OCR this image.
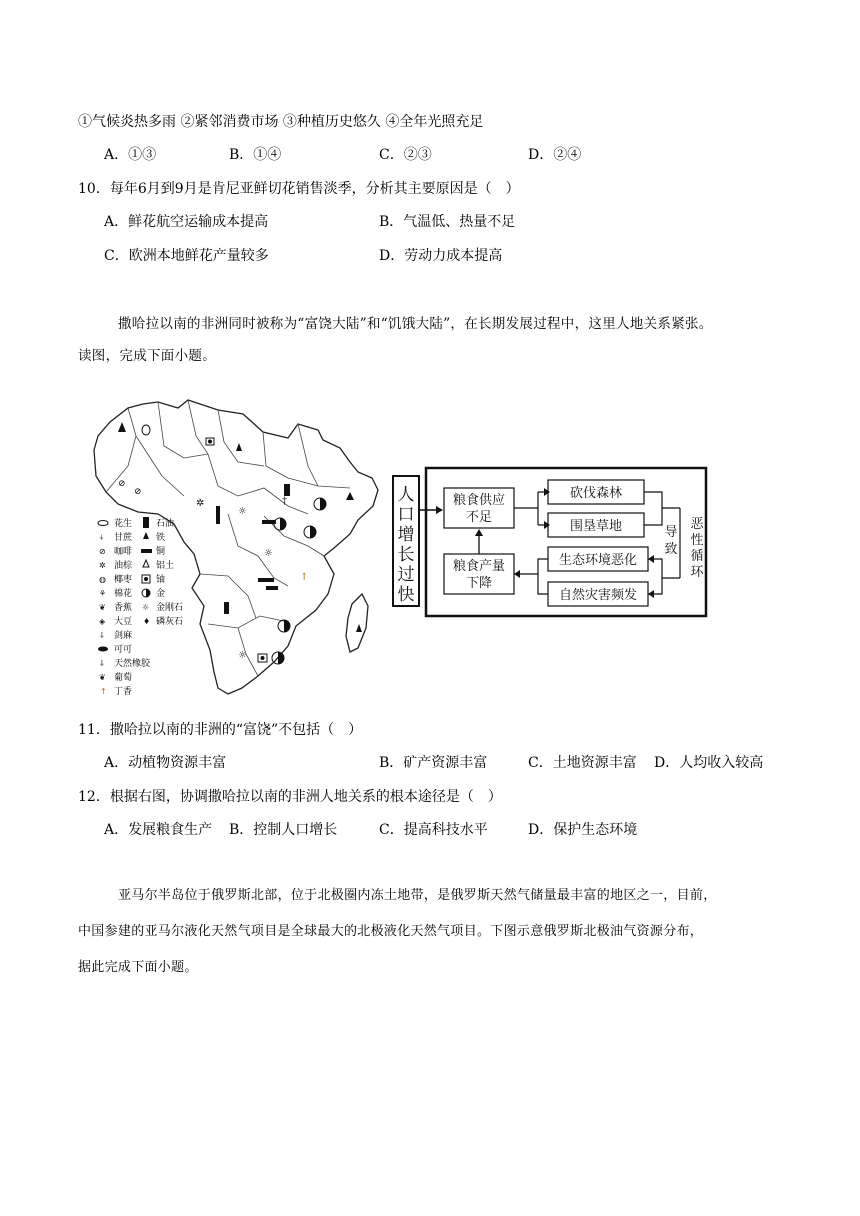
①气候炎热多雨 ②紧邻消费市场 ③种植历史悠久 ④全年光照充足
A．①③	B．①④	C．②③	D．②④
10．每年6月到9月是肯尼亚鲜切花销售淡季，分析其主要原因是（　）
A．鲜花航空运输成本提高	B．气温低、热量不足
C．欧洲本地鲜花产量较多	D．劳动力成本提高
撒哈拉以南的非洲同时被称为“富饶大陆”和“饥饿大陆”，在长期发展过程中，这里人地关系紧张。
读图，完成下面小题。
✲
☼
☼
☼
⊘
⊘
↑
†
花生
甘蔗
咖啡
油棕
椰枣
棉花
香蕉
大豆
剑麻
可可
天然橡胶
葡萄
丁香
石油
铁
铜
铝土
铀
金
金刚石
磷灰石
⍭
⊘
✲
◍
⚘
❦
◈
⸸
⸸
❦
↑
☼
♦
人
口
增
长
过
快
粮食供应
不足
粮食产量
下降
砍伐森林
围垦草地
生态环境恶化
自然灾害频发
导
致
恶
性
循
环
11．撒哈拉以南的非洲的“富饶”不包括（　）
A．动植物资源丰富	B．矿产资源丰富	C．土地资源丰富 D．人均收入较高
12．根据右图，协调撒哈拉以南的非洲人地关系的根本途径是（　）
A．发展粮食生产 B．控制人口增长	C．提高科技水平	D．保护生态环境
亚马尔半岛位于俄罗斯北部，位于北极圈内冻土地带，是俄罗斯天然气储量最丰富的地区之一，目前，
中国参建的亚马尔液化天然气项目是全球最大的北极液化天然气项目。下图示意俄罗斯北极油气资源分布，
据此完成下面小题。
